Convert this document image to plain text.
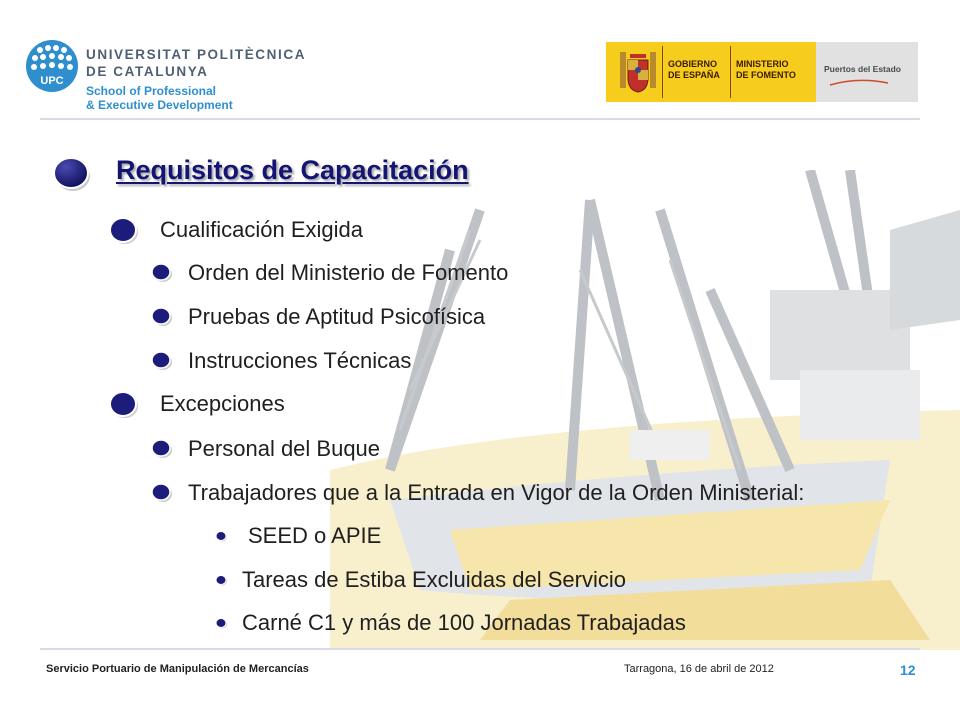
UPC
UNIVERSITAT POLITÈCNICA
DE CATALUNYA
School of Professional
& Executive Development
GOBIERNO
DE ESPAÑA
MINISTERIO
DE FOMENTO
Puertos del Estado
Requisitos de Capacitación
Cualificación Exigida
Orden del Ministerio de Fomento
Pruebas de Aptitud Psicofísica
Instrucciones Técnicas
Excepciones
Personal del Buque
Trabajadores que a la Entrada en Vigor de la Orden Ministerial:
SEED o APIE
Tareas de Estiba Excluidas del Servicio
Carné C1 y más de 100 Jornadas Trabajadas
Servicio Portuario de Manipulación de Mercancías	Tarragona, 16 de abril de 2012	12
